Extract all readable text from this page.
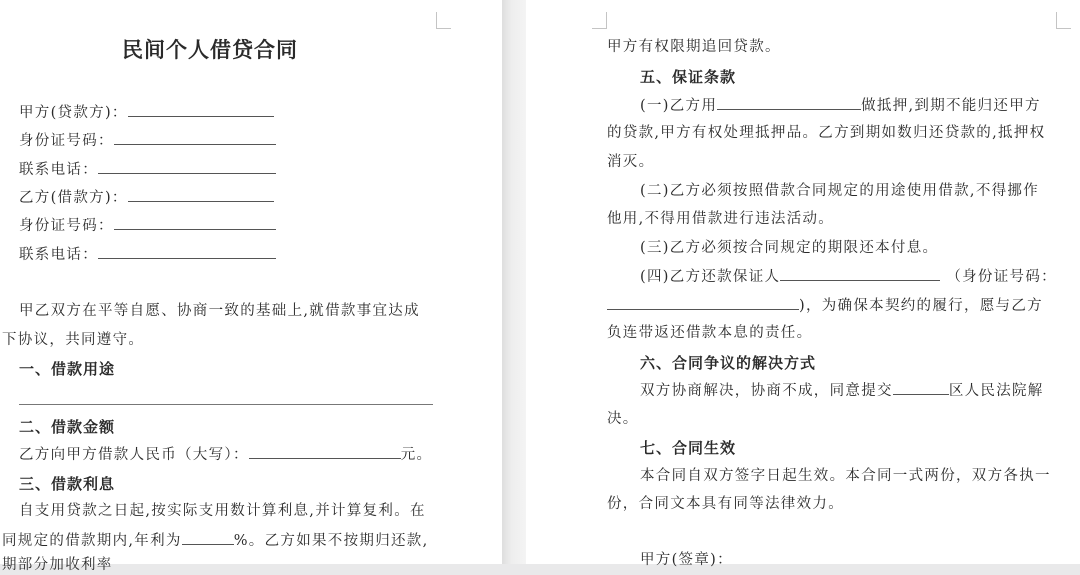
民间个人借贷合同
甲方(贷款方)：
身份证号码：
联系电话：
乙方(借款方)：
身份证号码：
联系电话：
甲乙双方在平等自愿、协商一致的基础上,就借款事宜达成
下协议，共同遵守。
一、借款用途
二、借款金额
乙方向甲方借款人民币（大写）：	元。
三、借款利息
自支用贷款之日起,按实际支用数计算利息,并计算复利。在
同规定的借款期内,年利为	%。乙方如果不按期归还款,
期部分加收利率
甲方有权限期追回贷款。
五、保证条款
(一)乙方用	做抵押,到期不能归还甲方
的贷款,甲方有权处理抵押品。乙方到期如数归还贷款的,抵押权
消灭。
(二)乙方必须按照借款合同规定的用途使用借款,不得挪作
他用,不得用借款进行违法活动。
(三)乙方必须按合同规定的期限还本付息。
(四)乙方还款保证人	（身份证号码：
)，为确保本契约的履行，愿与乙方
负连带返还借款本息的责任。
六、合同争议的解决方式
双方协商解决，协商不成，同意提交	区人民法院解
决。
七、合同生效
本合同自双方签字日起生效。本合同一式两份，双方各执一
份，合同文本具有同等法律效力。
甲方(签章)：
